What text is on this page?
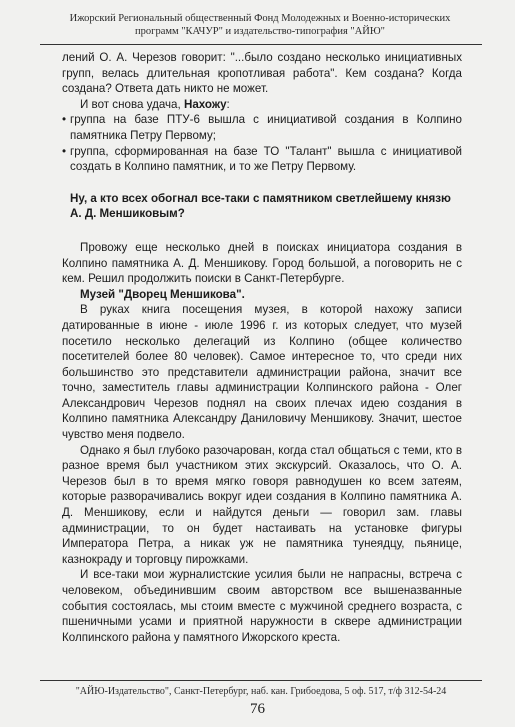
Ижорский Региональный общественный Фонд Молодежных и Военно-исторических
программ "КАЧУР" и издательство-типография "АЙЮ"

лений О. А. Черезов говорит: "...было создано несколько инициативных групп, велась длительная кропотливая работа". Кем создана? Когда создана? Ответа дать никто не может.

И вот снова удача, Нахожу:

• группа на базе ПТУ-6 вышла с инициативой создания в Колпино памятника Петру Первому;

• группа, сформированная на базе ТО "Талант" вышла с инициативой создать в Колпино памятник, и то же Петру Первому.

Ну, а кто всех обогнал все-таки с памятником светлейшему князю А. Д. Меншиковым?

Провожу еще несколько дней в поисках инициатора создания в Колпино памятника А. Д. Меншикову. Город большой, а поговорить не с кем. Решил продолжить поиски в Санкт-Петербурге.

Музей "Дворец Меншикова".

В руках книга посещения музея, в которой нахожу записи датированные в июне - июле 1996 г. из которых следует, что музей посетило несколько делегаций из Колпино (общее количество посетителей более 80 человек). Самое интересное то, что среди них большинство это представители администрации района, значит все точно, заместитель главы администрации Колпинского района - Олег Александрович Черезов поднял на своих плечах идею создания в Колпино памятника Александру Даниловичу Меншикову. Значит, шестое чувство меня подвело.

Однако я был глубоко разочарован, когда стал общаться с теми, кто в разное время был участником этих экскурсий. Оказалось, что О. А. Черезов был в то время мягко говоря равнодушен ко всем затеям, которые разворачивались вокруг идеи создания в Колпино памятника А. Д. Меншикову, если и найдутся деньги — говорил зам. главы администрации, то он будет настаивать на установке фигуры Императора Петра, а никак уж не памятника тунеядцу, пьянице, казнокраду и торговцу пирожками.

И все-таки мои журналистские усилия были не напрасны, встреча с человеком, объединившим своим авторством все вышеназванные события состоялась, мы стоим вместе с мужчиной среднего возраста, с пшеничными усами и приятной наружности в сквере администрации Колпинского района у памятного Ижорского креста.

"АЙЮ-Издательство", Санкт-Петербург, наб. кан. Грибоедова, 5 оф. 517, т/ф 312-54-24
76
